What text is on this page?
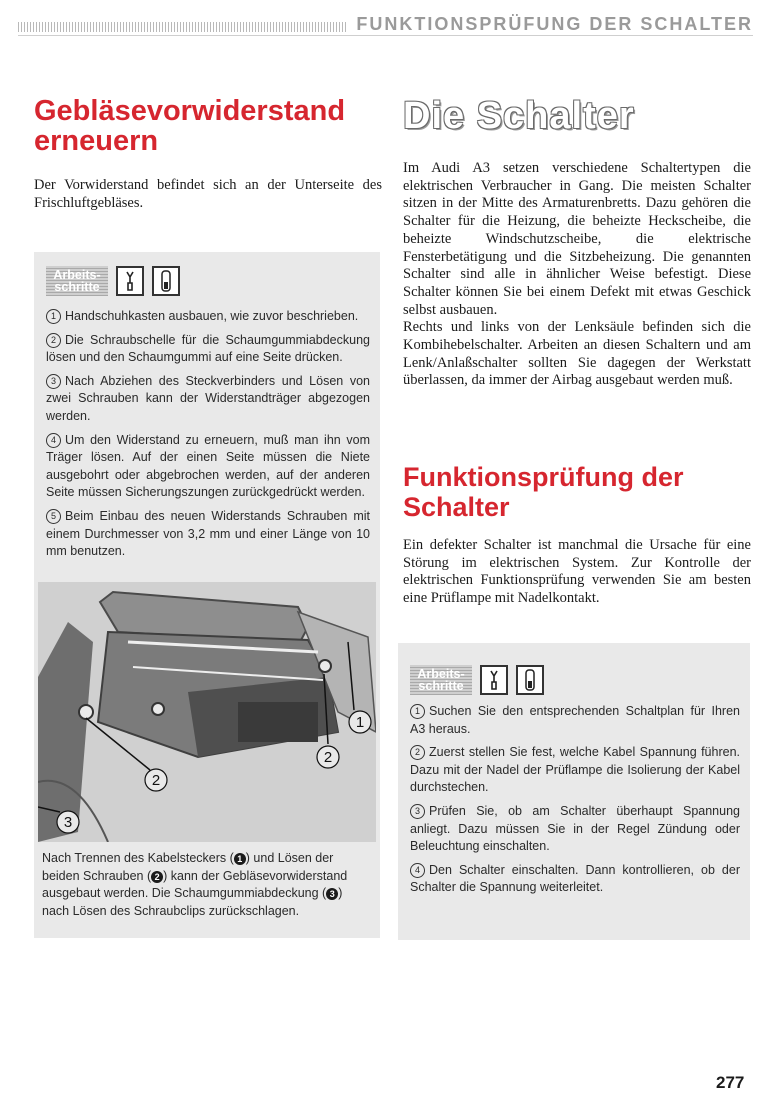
FUNKTIONSPRÜFUNG DER SCHALTER
Gebläsevorwiderstand erneuern

Der Vorwiderstand befindet sich an der Unterseite des Frischluftgebläses.

Arbeits-
schritte

1 Handschuhkasten ausbauen, wie zuvor beschrieben.

2 Die Schraubschelle für die Schaumgummiabdeckung lösen und den Schaumgummi auf eine Seite drücken.

3 Nach Abziehen des Steckverbinders und Lösen von zwei Schrauben kann der Widerstandträger abgezogen werden.

4 Um den Widerstand zu erneuern, muß man ihn vom Träger lösen. Auf der einen Seite müssen die Niete ausgebohrt oder abgebrochen werden, auf der anderen Seite müssen Sicherungszungen zurückgedrückt werden.

5 Beim Einbau des neuen Widerstands Schrauben mit einem Durchmesser von 3,2 mm und einer Länge von 10 mm benutzen.

1
2
2
3
Nach Trennen des Kabelsteckers ( 1 ) und Lösen der beiden Schrauben ( 2 ) kann der Gebläsevorwiderstand ausgebaut werden. Die Schaumgummiabdeckung ( 3 ) nach Lösen des Schraubclips zurückschlagen.
Die Schalter

Im Audi A3 setzen verschiedene Schaltertypen die elektrischen Verbraucher in Gang. Die meisten Schalter sitzen in der Mitte des Armaturenbretts. Dazu gehören die Schalter für die Heizung, die beheizte Heckscheibe, die beheizte Windschutzscheibe, die elektrische Fensterbetätigung und die Sitzbeheizung. Die genannten Schalter sind alle in ähnlicher Weise befestigt. Diese Schalter können Sie bei einem Defekt mit etwas Geschick selbst ausbauen.

Rechts und links von der Lenksäule befinden sich die Kombihebelschalter. Arbeiten an diesen Schaltern und am Lenk/Anlaßschalter sollten Sie dagegen der Werkstatt überlassen, da immer der Airbag ausgebaut werden muß.

Funktionsprüfung der Schalter

Ein defekter Schalter ist manchmal die Ursache für eine Störung im elektrischen System. Zur Kontrolle der elektrischen Funktionsprüfung verwenden Sie am besten eine Prüflampe mit Nadelkontakt.

Arbeits-
schritte

1 Suchen Sie den entsprechenden Schaltplan für Ihren A3 heraus.

2 Zuerst stellen Sie fest, welche Kabel Spannung führen. Dazu mit der Nadel der Prüflampe die Isolierung der Kabel durchstechen.

3 Prüfen Sie, ob am Schalter überhaupt Spannung anliegt. Dazu müssen Sie in der Regel Zündung oder Beleuchtung einschalten.

4 Den Schalter einschalten. Dann kontrollieren, ob der Schalter die Spannung weiterleitet.

277
